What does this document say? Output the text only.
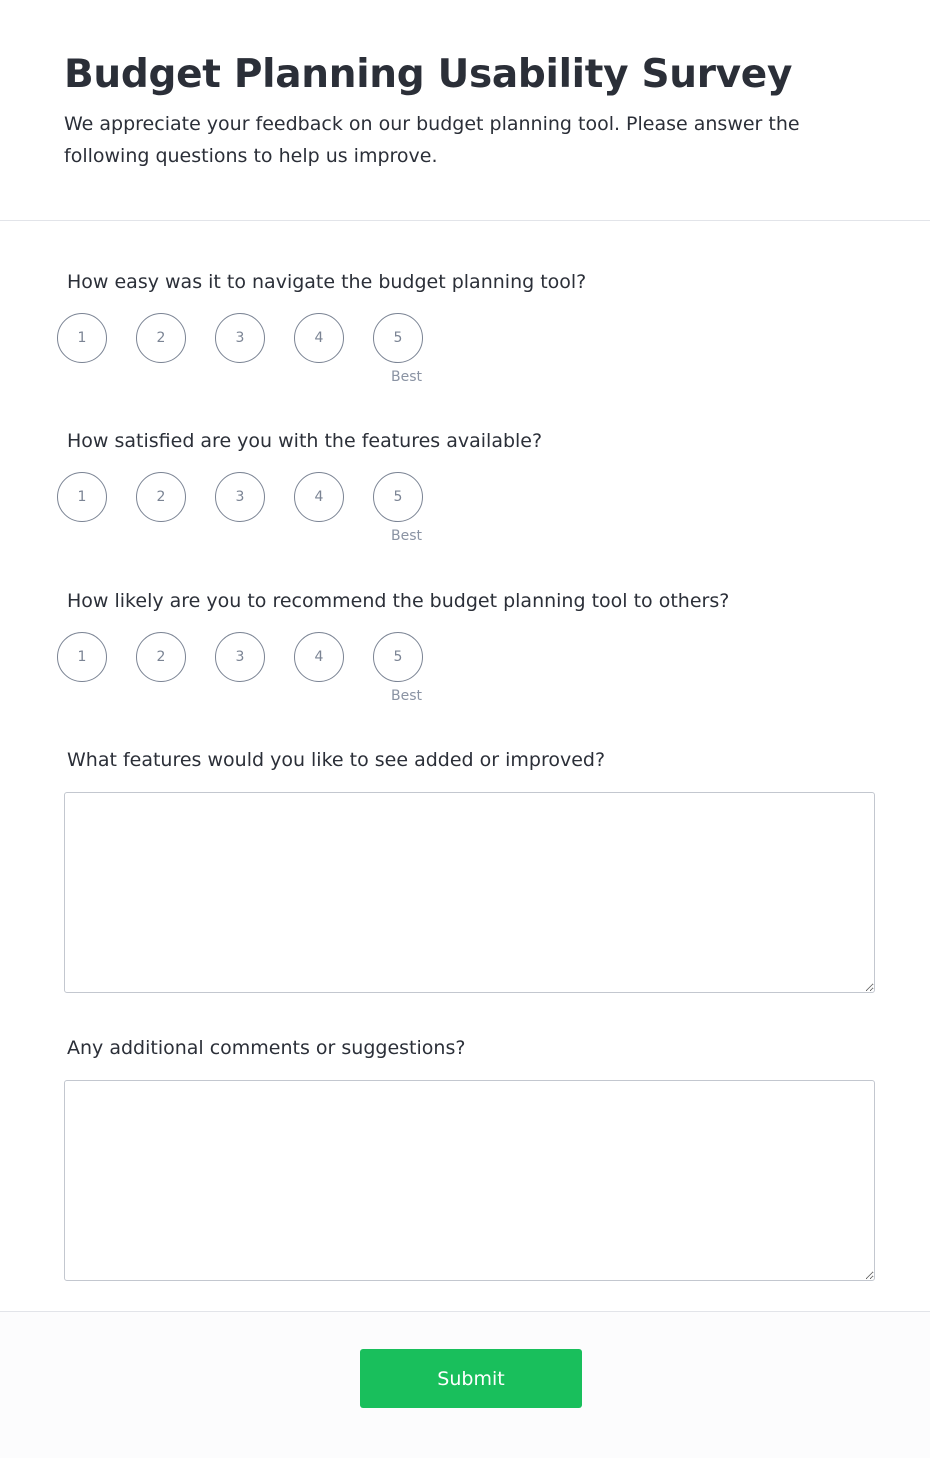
Budget Planning Usability Survey

We appreciate your feedback on our budget planning tool. Please answer the following questions to help us improve.

How easy was it to navigate the budget planning tool?
1	2	3	4	5
Best
How satisfied are you with the features available?
1	2	3	4	5
Best
How likely are you to recommend the budget planning tool to others?
1	2	3	4	5
Best
What features would you like to see added or improved?
Any additional comments or suggestions?
Submit
